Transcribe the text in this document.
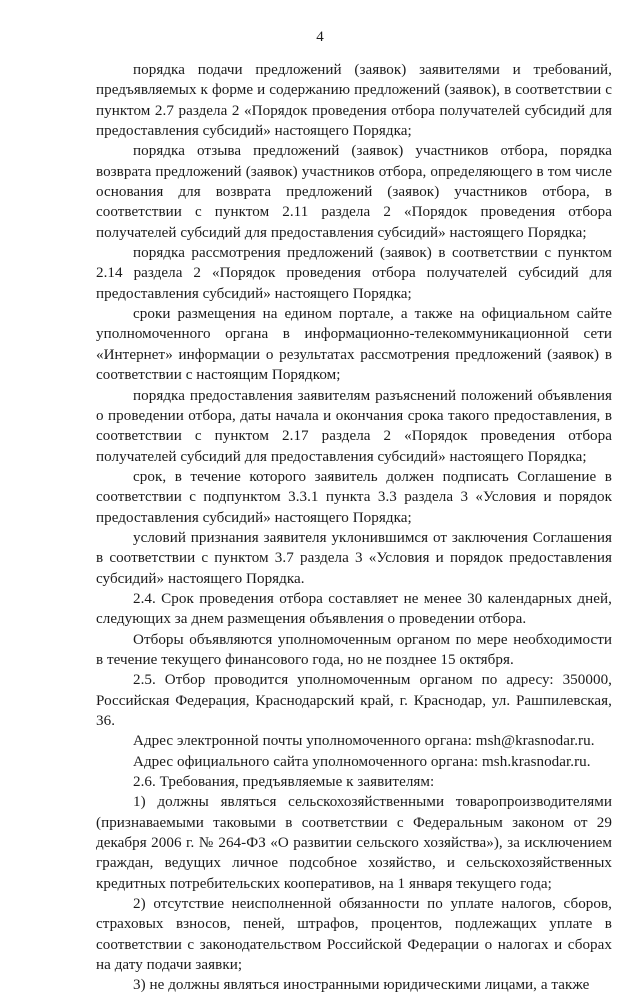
4

порядка подачи предложений (заявок) заявителями и требований, предъявляемых к форме и содержанию предложений (заявок), в соответствии с пунктом 2.7 раздела 2 «Порядок проведения отбора получателей субсидий для предоставления субсидий» настоящего Порядка;

порядка отзыва предложений (заявок) участников отбора, порядка возврата предложений (заявок) участников отбора, определяющего в том числе основания для возврата предложений (заявок) участников отбора, в соответствии с пунктом 2.11 раздела 2 «Порядок проведения отбора получателей субсидий для предоставления субсидий» настоящего Порядка;

порядка рассмотрения предложений (заявок) в соответствии с пунктом 2.14 раздела 2 «Порядок проведения отбора получателей субсидий для предоставления субсидий» настоящего Порядка;

сроки размещения на едином портале, а также на официальном сайте уполномоченного органа в информационно-телекоммуникационной сети «Интернет» информации о результатах рассмотрения предложений (заявок) в соответствии с настоящим Порядком;

порядка предоставления заявителям разъяснений положений объявления о проведении отбора, даты начала и окончания срока такого предоставления, в соответствии с пунктом 2.17 раздела 2 «Порядок проведения отбора получателей субсидий для предоставления субсидий» настоящего Порядка;

срок, в течение которого заявитель должен подписать Соглашение в соответствии с подпунктом 3.3.1 пункта 3.3 раздела 3 «Условия и порядок предоставления субсидий» настоящего Порядка;

условий признания заявителя уклонившимся от заключения Соглашения в соответствии с пунктом 3.7 раздела 3 «Условия и порядок предоставления субсидий» настоящего Порядка.

2.4. Срок проведения отбора составляет не менее 30 календарных дней, следующих за днем размещения объявления о проведении отбора.

Отборы объявляются уполномоченным органом по мере необходимости в течение текущего финансового года, но не позднее 15 октября.

2.5. Отбор проводится уполномоченным органом по адресу: 350000, Российская Федерация, Краснодарский край, г. Краснодар, ул. Рашпилевская, 36.

Адрес электронной почты уполномоченного органа: msh@krasnodar.ru.

Адрес официального сайта уполномоченного органа: msh.krasnodar.ru.

2.6. Требования, предъявляемые к заявителям:

1) должны являться сельскохозяйственными товаропроизводителями (признаваемыми таковыми в соответствии с Федеральным законом от 29 декабря 2006 г. № 264-ФЗ «О развитии сельского хозяйства»), за исключением граждан, ведущих личное подсобное хозяйство, и сельскохозяйственных кредитных потребительских кооперативов, на 1 января текущего года;

2) отсутствие неисполненной обязанности по уплате налогов, сборов, страховых взносов, пеней, штрафов, процентов, подлежащих уплате в соответствии с законодательством Российской Федерации о налогах и сборах на дату подачи заявки;

3) не должны являться иностранными юридическими лицами, а также
